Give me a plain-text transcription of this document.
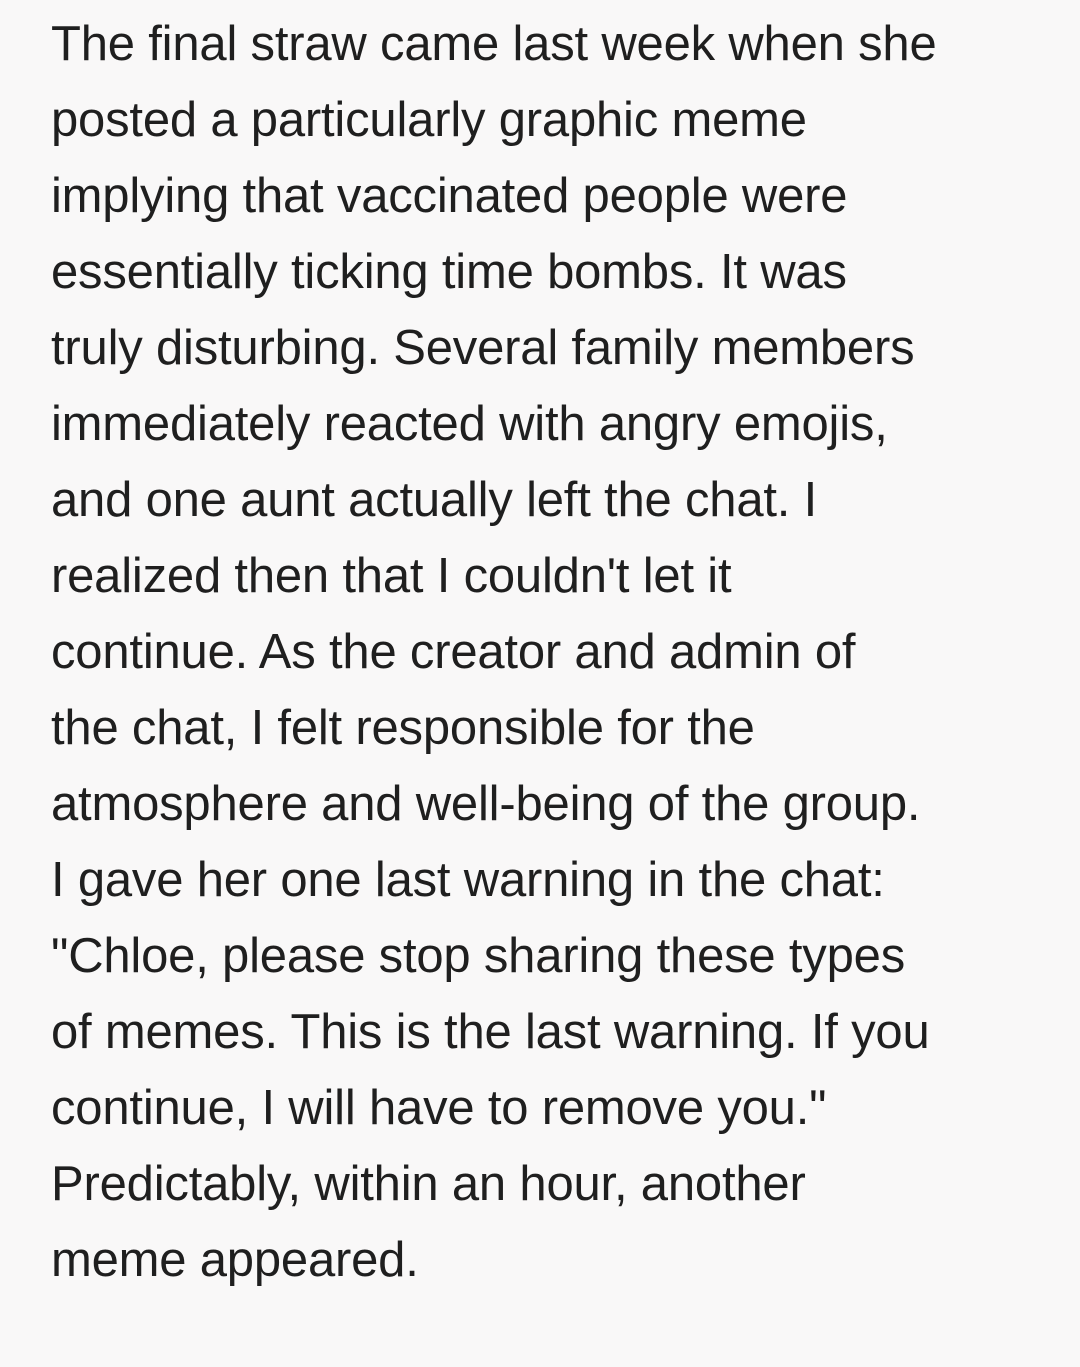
The final straw came last week when she
posted a particularly graphic meme
implying that vaccinated people were
essentially ticking time bombs. It was
truly disturbing. Several family members
immediately reacted with angry emojis,
and one aunt actually left the chat. I
realized then that I couldn't let it
continue. As the creator and admin of
the chat, I felt responsible for the
atmosphere and well-being of the group.
I gave her one last warning in the chat:
"Chloe, please stop sharing these types
of memes. This is the last warning. If you
continue, I will have to remove you."
Predictably, within an hour, another
meme appeared.
